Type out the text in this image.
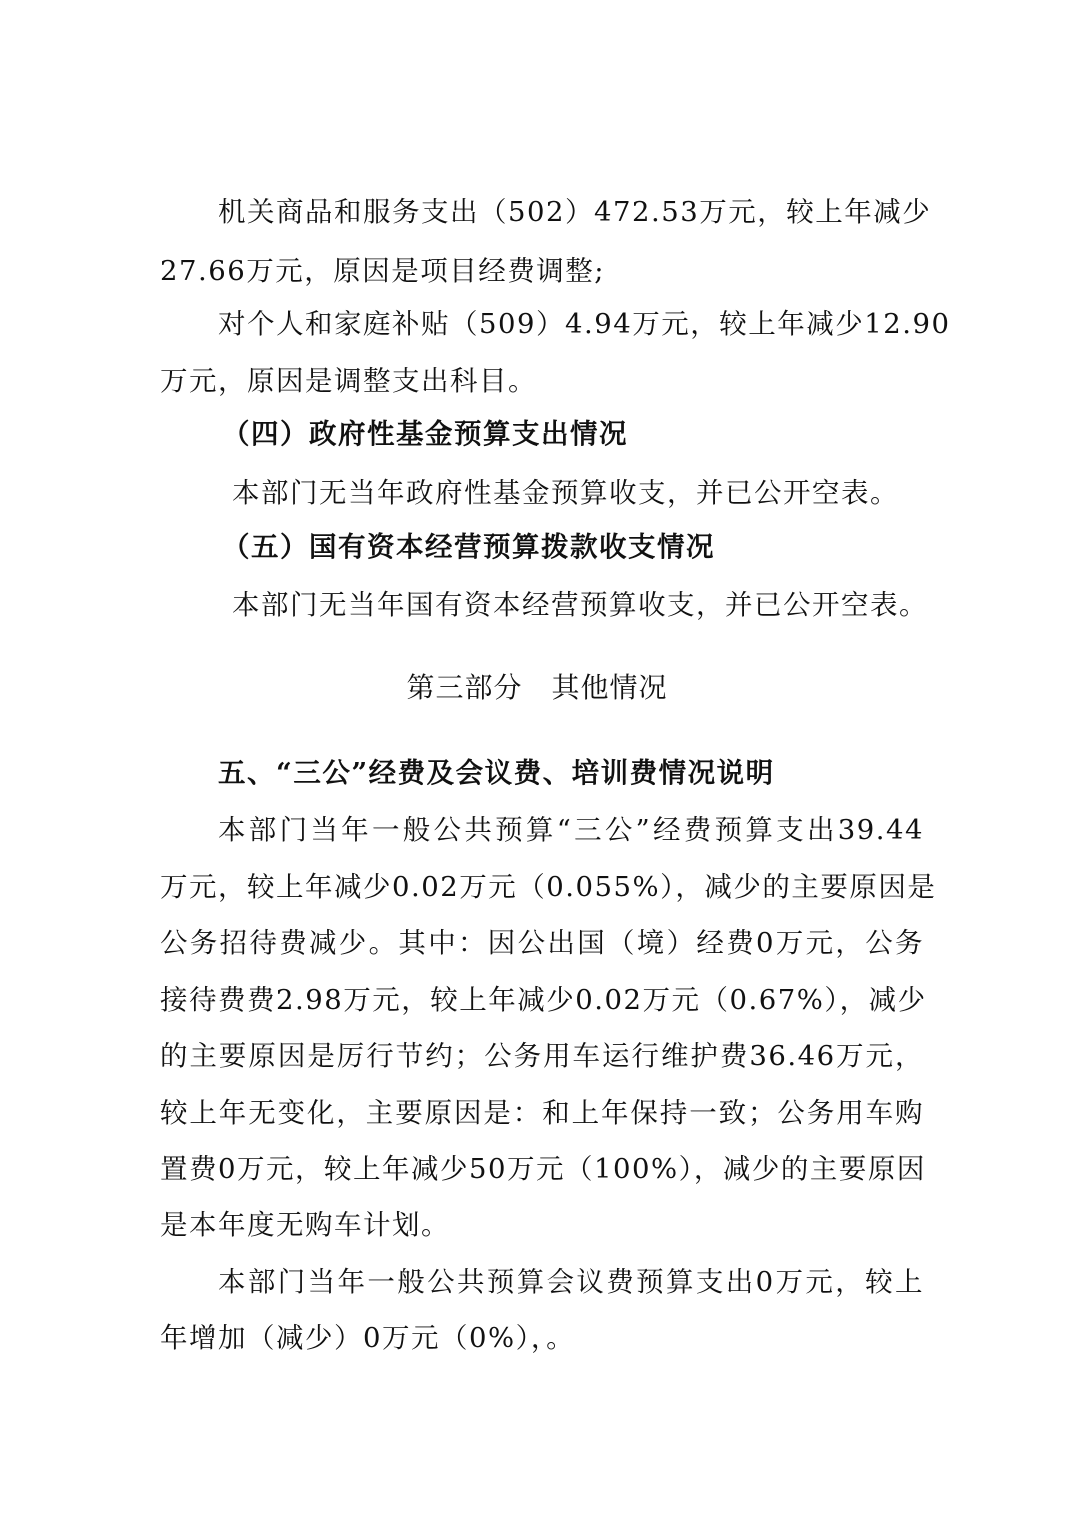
机关商品和服务支出（502）472.53万元，较上年减少
27.66万元，原因是项目经费调整;
对个人和家庭补贴（509）4.94万元，较上年减少12.90
万元，原因是调整支出科目。
（四）政府性基金预算支出情况
本部门无当年政府性基金预算收支，并已公开空表。
（五）国有资本经营预算拨款收支情况
本部门无当年国有资本经营预算收支，并已公开空表。
第三部分　其他情况
五、“三公”经费及会议费、培训费情况说明
本部门当年一般公共预算“三公”经费预算支出39.44
万元，较上年减少0.02万元（0.055%），减少的主要原因是
公务招待费减少。其中：因公出国（境）经费0万元，公务
接待费费2.98万元，较上年减少0.02万元（0.67%），减少
的主要原因是厉行节约；公务用车运行维护费36.46万元，
较上年无变化，主要原因是：和上年保持一致；公务用车购
置费0万元，较上年减少50万元（100%），减少的主要原因
是本年度无购车计划。
本部门当年一般公共预算会议费预算支出0万元，较上
年增加（减少）0万元（0%），。
